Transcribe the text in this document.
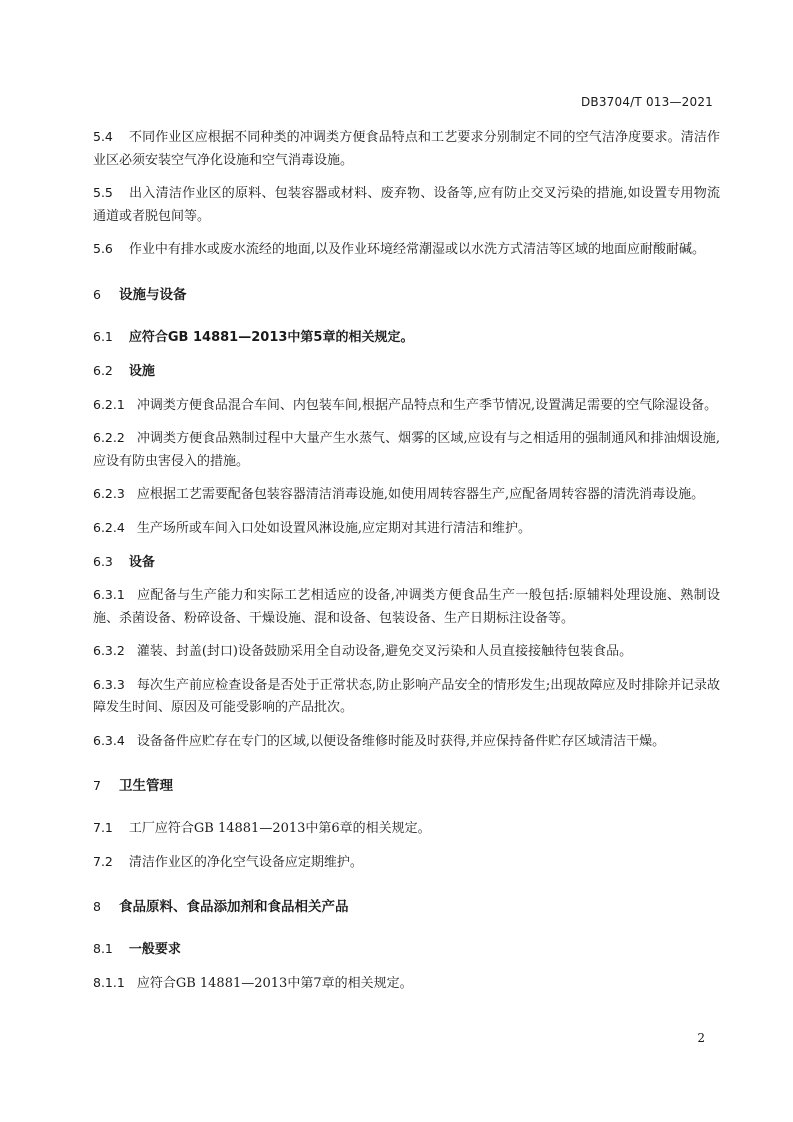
DB3704/T 013—2021

5.4 不同作业区应根据不同种类的冲调类方便食品特点和工艺要求分别制定不同的空气洁净度要求。清洁作业区必须安装空气净化设施和空气消毒设施。

5.5 出入清洁作业区的原料、包装容器或材料、废弃物、设备等,应有防止交叉污染的措施,如设置专用物流通道或者脱包间等。

5.6 作业中有排水或废水流经的地面,以及作业环境经常潮湿或以水洗方式清洁等区域的地面应耐酸耐碱。

6 设施与设备
6.1 应符合GB 14881—2013中第5章的相关规定。
6.2 设施

6.2.1 冲调类方便食品混合车间、内包装车间,根据产品特点和生产季节情况,设置满足需要的空气除湿设备。

6.2.2 冲调类方便食品熟制过程中大量产生水蒸气、烟雾的区域,应设有与之相适用的强制通风和排油烟设施,应设有防虫害侵入的措施。

6.2.3 应根据工艺需要配备包装容器清洁消毒设施,如使用周转容器生产,应配备周转容器的清洗消毒设施。

6.2.4 生产场所或车间入口处如设置风淋设施,应定期对其进行清洁和维护。

6.3 设备

6.3.1 应配备与生产能力和实际工艺相适应的设备,冲调类方便食品生产一般包括:原辅料处理设施、熟制设施、杀菌设备、粉碎设备、干燥设施、混和设备、包装设备、生产日期标注设备等。

6.3.2 灌装、封盖(封口)设备鼓励采用全自动设备,避免交叉污染和人员直接接触待包装食品。

6.3.3 每次生产前应检查设备是否处于正常状态,防止影响产品安全的情形发生;出现故障应及时排除并记录故障发生时间、原因及可能受影响的产品批次。

6.3.4 设备备件应贮存在专门的区域,以便设备维修时能及时获得,并应保持备件贮存区域清洁干燥。

7 卫生管理

7.1 工厂应符合GB 14881—2013中第6章的相关规定。

7.2 清洁作业区的净化空气设备应定期维护。

8 食品原料、食品添加剂和食品相关产品
8.1 一般要求

8.1.1 应符合GB 14881—2013中第7章的相关规定。

2
